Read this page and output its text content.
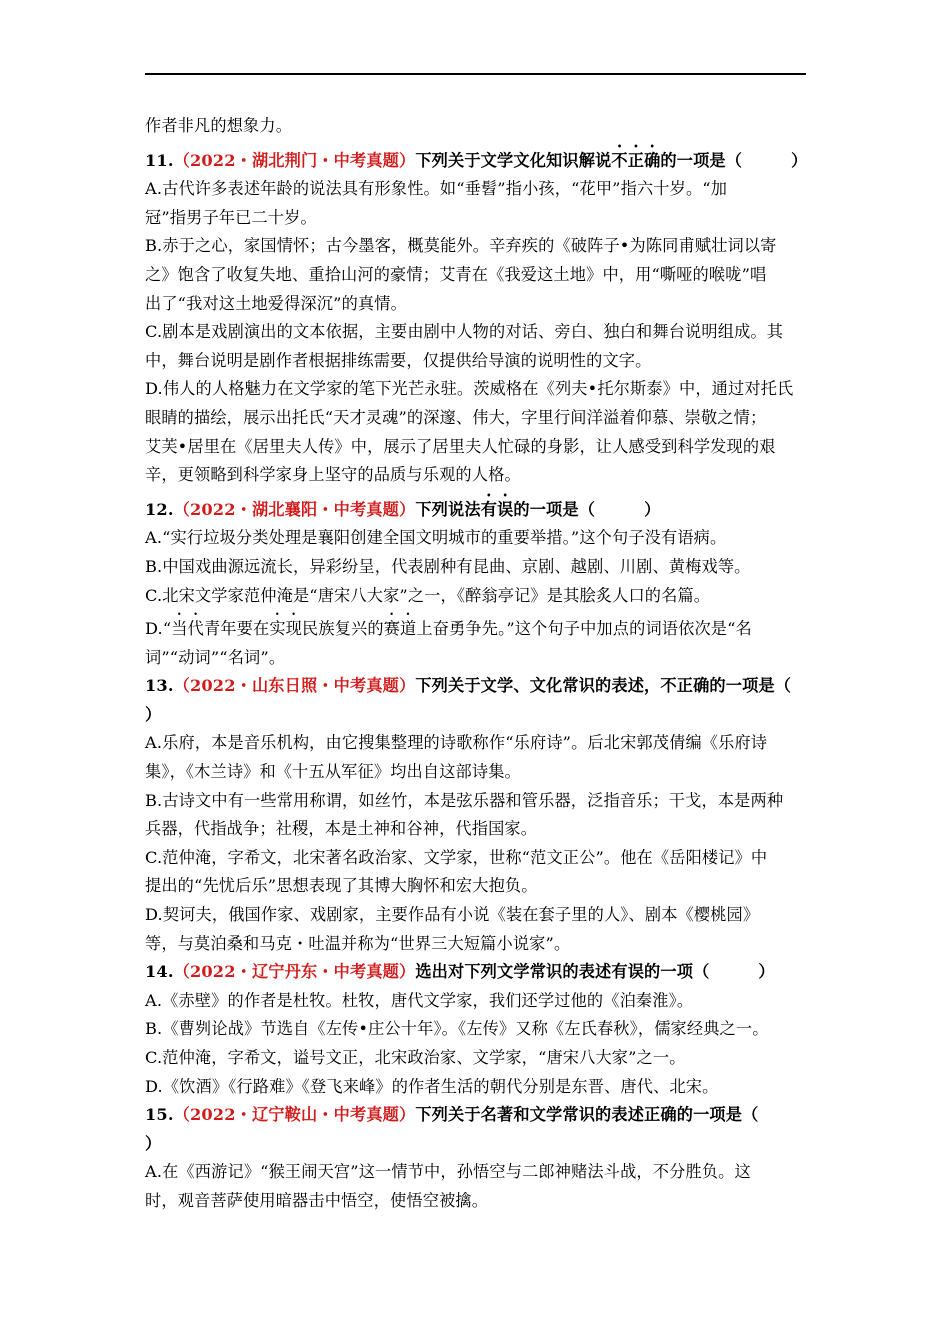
作者非凡的想象力。
11.（2022・湖北荆门・中考真题）下列关于文学文化知识解说不正确的一项是（　　　）
A.古代许多表述年龄的说法具有形象性。如“垂髫”指小孩，“花甲”指六十岁。“加
冠”指男子年已二十岁。
B.赤于之心，家国情怀；古今墨客，概莫能外。辛弃疾的《破阵子•为陈同甫赋壮词以寄
之》饱含了收复失地、重拾山河的豪情；艾青在《我爱这土地》中，用“嘶哑的喉咙”唱
出了“我对这土地爱得深沉”的真情。
C.剧本是戏剧演出的文本依据，主要由剧中人物的对话、旁白、独白和舞台说明组成。其
中，舞台说明是剧作者根据排练需要，仅提供给导演的说明性的文字。
D.伟人的人格魅力在文学家的笔下光芒永驻。茨威格在《列夫•托尔斯泰》中，通过对托氏
眼睛的描绘，展示出托氏“天才灵魂”的深邃、伟大，字里行间洋溢着仰慕、崇敬之情；
艾芙•居里在《居里夫人传》中，展示了居里夫人忙碌的身影，让人感受到科学发现的艰
辛，更领略到科学家身上坚守的品质与乐观的人格。
12.（2022・湖北襄阳・中考真题）下列说法有误的一项是（　　　）
A.“实行垃圾分类处理是襄阳创建全国文明城市的重要举措。”这个句子没有语病。
B.中国戏曲源远流长，异彩纷呈，代表剧种有昆曲、京剧、越剧、川剧、黄梅戏等。
C.北宋文学家范仲淹是“唐宋八大家”之一，《醉翁亭记》是其脍炙人口的名篇。
D.“当代青年要在实现民族复兴的赛道上奋勇争先。”这个句子中加点的词语依次是“名
词”“动词”“名词”。
13.（2022・山东日照・中考真题）下列关于文学、文化常识的表述，不正确的一项是（
）
A.乐府，本是音乐机构，由它搜集整理的诗歌称作“乐府诗”。后北宋郭茂倩编《乐府诗
集》，《木兰诗》和《十五从军征》均出自这部诗集。
B.古诗文中有一些常用称谓，如丝竹，本是弦乐器和管乐器，泛指音乐；干戈，本是两种
兵器，代指战争；社稷，本是土神和谷神，代指国家。
C.范仲淹，字希文，北宋著名政治家、文学家，世称“范文正公”。他在《岳阳楼记》中
提出的“先忧后乐”思想表现了其博大胸怀和宏大抱负。
D.契诃夫，俄国作家、戏剧家，主要作品有小说《装在套子里的人》、剧本《樱桃园》
等，与莫泊桑和马克・吐温并称为“世界三大短篇小说家”。
14.（2022・辽宁丹东・中考真题）选出对下列文学常识的表述有误的一项（　　　）
A.《赤壁》的作者是杜牧。杜牧，唐代文学家，我们还学过他的《泊秦淮》。
B.《曹刿论战》节选自《左传•庄公十年》。《左传》又称《左氏春秋》，儒家经典之一。
C.范仲淹，字希文，谥号文正，北宋政治家、文学家，“唐宋八大家”之一。
D.《饮酒》《行路难》《登飞来峰》的作者生活的朝代分别是东晋、唐代、北宋。
15.（2022・辽宁鞍山・中考真题）下列关于名著和文学常识的表述正确的一项是（
）
A.在《西游记》“猴王闹天宫”这一情节中，孙悟空与二郎神赌法斗战，不分胜负。这
时，观音菩萨使用暗器击中悟空，使悟空被擒。
